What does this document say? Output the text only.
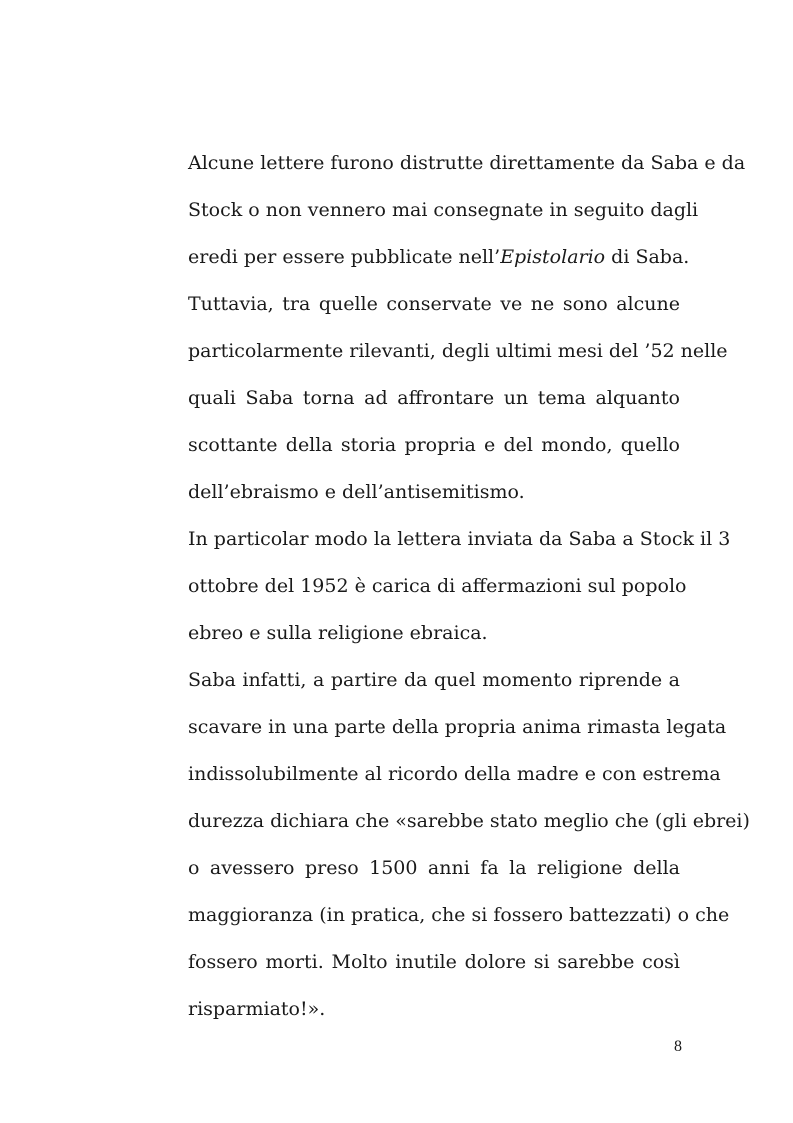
Alcune lettere furono distrutte direttamente da Saba e da
Stock o non vennero mai consegnate in seguito dagli
eredi per essere pubblicate nell’Epistolario di Saba.
Tuttavia, tra quelle conservate ve ne sono alcune
particolarmente rilevanti, degli ultimi mesi del ’52 nelle
quali Saba torna ad affrontare un tema alquanto
scottante della storia propria e del mondo, quello
dell’ebraismo e dell’antisemitismo.
In particolar modo la lettera inviata da Saba a Stock il 3
ottobre del 1952 è carica di affermazioni sul popolo
ebreo e sulla religione ebraica.
Saba infatti, a partire da quel momento riprende a
scavare in una parte della propria anima rimasta legata
indissolubilmente al ricordo della madre e con estrema
durezza dichiara che «sarebbe stato meglio che (gli ebrei)
o avessero preso 1500 anni fa la religione della
maggioranza (in pratica, che si fossero battezzati) o che
fossero morti. Molto inutile dolore si sarebbe così
risparmiato!».
8
